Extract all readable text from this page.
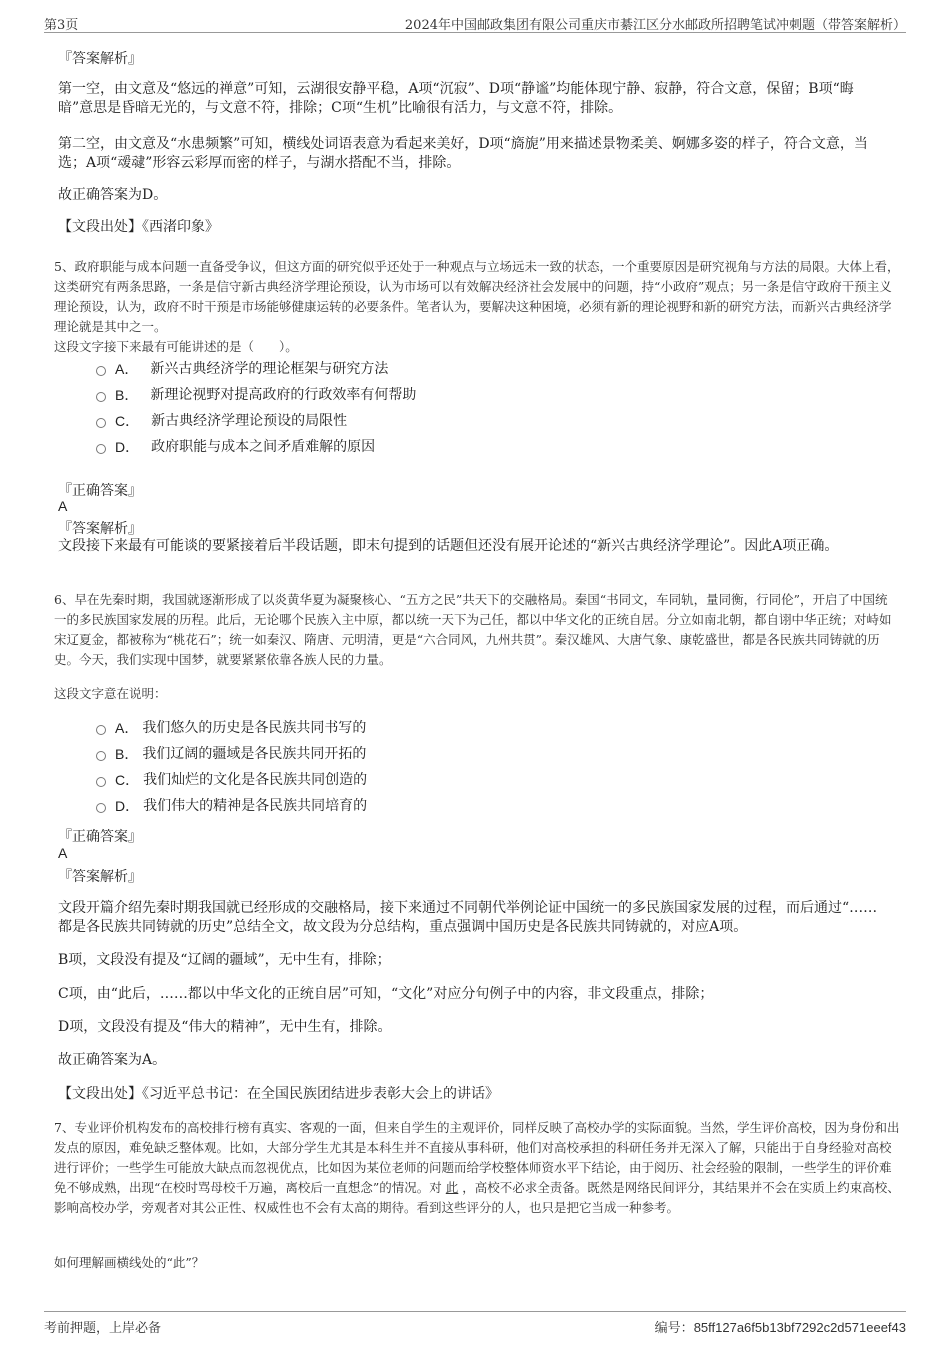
第3页	2024年中国邮政集团有限公司重庆市綦江区分水邮政所招聘笔试冲刺题（带答案解析）
『答案解析』
第一空，由文意及“悠远的禅意”可知，云湖很安静平稳，A项“沉寂”、D项“静谧”均能体现宁静、寂静，符合文意，保留；B项“晦暗”意思是昏暗无光的，与文意不符，排除；C项“生机”比喻很有活力，与文意不符，排除。
第二空，由文意及“水患频繁”可知，横线处词语表意为看起来美好，D项“旖旎”用来描述景物柔美、婀娜多姿的样子，符合文意，当选；A项“叆叇”形容云彩厚而密的样子，与湖水搭配不当，排除。
故正确答案为D。
【文段出处】《西渚印象》
5、政府职能与成本问题一直备受争议，但这方面的研究似乎还处于一种观点与立场远未一致的状态，一个重要原因是研究视角与方法的局限。大体上看，这类研究有两条思路，一条是信守新古典经济学理论预设，认为市场可以有效解决经济社会发展中的问题，持“小政府”观点；另一条是信守政府干预主义理论预设，认为，政府不时干预是市场能够健康运转的必要条件。笔者认为，要解决这种困境，必须有新的理论视野和新的研究方法，而新兴古典经济学理论就是其中之一。
这段文字接下来最有可能讲述的是（　　）。
A． 新兴古典经济学的理论框架与研究方法
B． 新理论视野对提高政府的行政效率有何帮助
C． 新古典经济学理论预设的局限性
D． 政府职能与成本之间矛盾难解的原因
『正确答案』
A
『答案解析』
文段接下来最有可能谈的要紧接着后半段话题，即末句提到的话题但还没有展开论述的“新兴古典经济学理论”。因此A项正确。
6、早在先秦时期，我国就逐渐形成了以炎黄华夏为凝聚核心、“五方之民”共天下的交融格局。秦国“书同文，车同轨，量同衡，行同伦”，开启了中国统一的多民族国家发展的历程。此后，无论哪个民族入主中原，都以统一天下为己任，都以中华文化的正统自居。分立如南北朝，都自诩中华正统；对峙如宋辽夏金，都被称为“桃花石”；统一如秦汉、隋唐、元明清，更是“六合同风，九州共贯”。秦汉雄风、大唐气象、康乾盛世，都是各民族共同铸就的历史。今天，我们实现中国梦，就要紧紧依靠各族人民的力量。
这段文字意在说明：
A． 我们悠久的历史是各民族共同书写的
B． 我们辽阔的疆域是各民族共同开拓的
C． 我们灿烂的文化是各民族共同创造的
D． 我们伟大的精神是各民族共同培育的
『正确答案』
A
『答案解析』
文段开篇介绍先秦时期我国就已经形成的交融格局，接下来通过不同朝代举例论证中国统一的多民族国家发展的过程，而后通过“……都是各民族共同铸就的历史”总结全文，故文段为分总结构，重点强调中国历史是各民族共同铸就的，对应A项。
B项，文段没有提及“辽阔的疆域”，无中生有，排除；
C项，由“此后，……都以中华文化的正统自居”可知，“文化”对应分句例子中的内容，非文段重点，排除；
D项，文段没有提及“伟大的精神”，无中生有，排除。
故正确答案为A。
【文段出处】《习近平总书记：在全国民族团结进步表彰大会上的讲话》
7、专业评价机构发布的高校排行榜有真实、客观的一面，但来自学生的主观评价，同样反映了高校办学的实际面貌。当然，学生评价高校，因为身份和出发点的原因，难免缺乏整体观。比如，大部分学生尤其是本科生并不直接从事科研，他们对高校承担的科研任务并无深入了解，只能出于自身经验对高校进行评价；一些学生可能放大缺点而忽视优点，比如因为某位老师的问题而给学校整体师资水平下结论，由于阅历、社会经验的限制，一些学生的评价难免不够成熟，出现“在校时骂母校千万遍，离校后一直想念”的情况。对 此 ，高校不必求全责备。既然是网络民间评分，其结果并不会在实质上约束高校、影响高校办学，旁观者对其公正性、权威性也不会有太高的期待。看到这些评分的人，也只是把它当成一种参考。
如何理解画横线处的“此”？
考前押题，上岸必备	编号：85ff127a6f5b13bf7292c2d571eeef43
